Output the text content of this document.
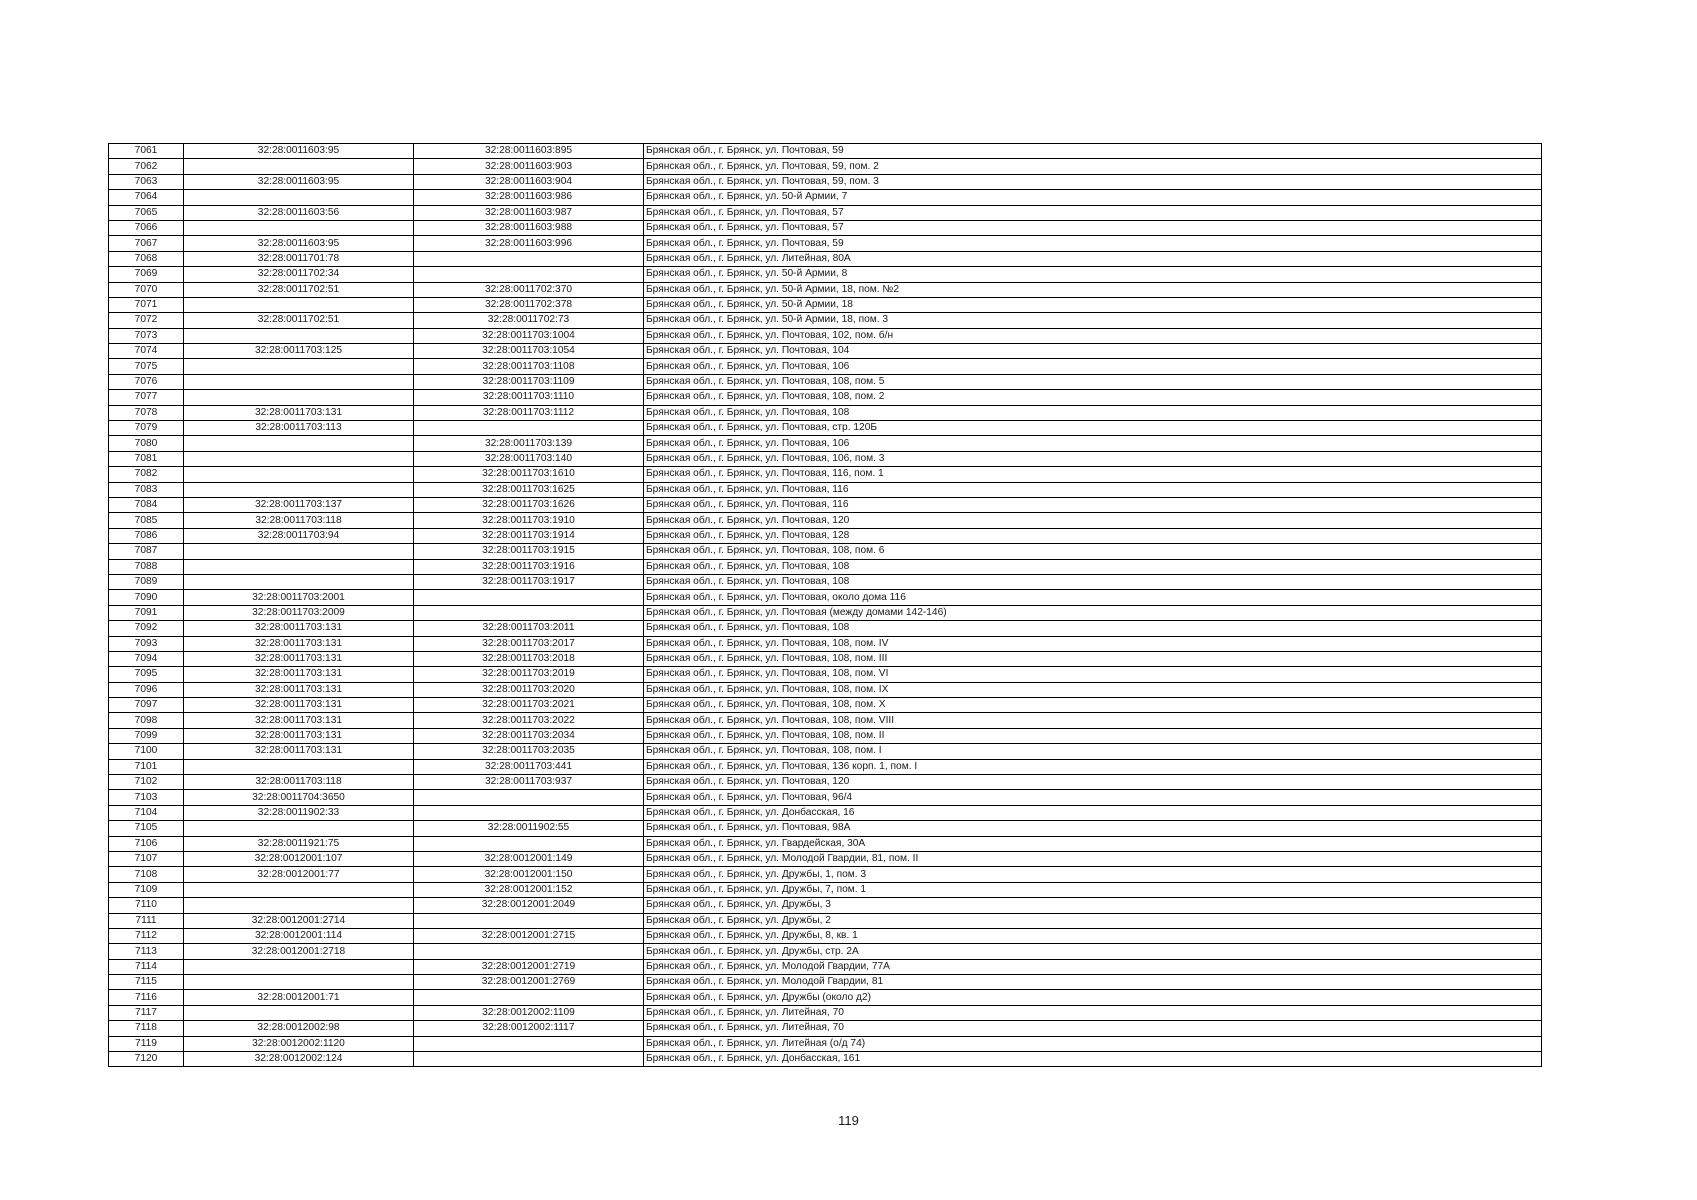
7061	32:28:0011603:95	32:28:0011603:895	Брянская обл., г. Брянск, ул. Почтовая, 59
7062		32:28:0011603:903	Брянская обл., г. Брянск, ул. Почтовая, 59, пом. 2
7063	32:28:0011603:95	32:28:0011603:904	Брянская обл., г. Брянск, ул. Почтовая, 59, пом. 3
7064		32:28:0011603:986	Брянская обл., г. Брянск, ул. 50-й Армии, 7
7065	32:28:0011603:56	32:28:0011603:987	Брянская обл., г. Брянск, ул. Почтовая, 57
7066		32:28:0011603:988	Брянская обл., г. Брянск, ул. Почтовая, 57
7067	32:28:0011603:95	32:28:0011603:996	Брянская обл., г. Брянск, ул. Почтовая, 59
7068	32:28:0011701:78		Брянская обл., г. Брянск, ул. Литейная, 80А
7069	32:28:0011702:34		Брянская обл., г. Брянск, ул. 50-й Армии, 8
7070	32:28:0011702:51	32:28:0011702:370	Брянская обл., г. Брянск, ул. 50-й Армии, 18, пом. №2
7071		32:28:0011702:378	Брянская обл., г. Брянск, ул. 50-й Армии, 18
7072	32:28:0011702:51	32:28:0011702:73	Брянская обл., г. Брянск, ул. 50-й Армии, 18, пом. 3
7073		32:28:0011703:1004	Брянская обл., г. Брянск, ул. Почтовая, 102, пом. б/н
7074	32:28:0011703:125	32:28:0011703:1054	Брянская обл., г. Брянск, ул. Почтовая, 104
7075		32:28:0011703:1108	Брянская обл., г. Брянск, ул. Почтовая, 106
7076		32:28:0011703:1109	Брянская обл., г. Брянск, ул. Почтовая, 108, пом. 5
7077		32:28:0011703:1110	Брянская обл., г. Брянск, ул. Почтовая, 108, пом. 2
7078	32:28:0011703:131	32:28:0011703:1112	Брянская обл., г. Брянск, ул. Почтовая, 108
7079	32:28:0011703:113		Брянская обл., г. Брянск, ул. Почтовая, стр. 120Б
7080		32:28:0011703:139	Брянская обл., г. Брянск, ул. Почтовая, 106
7081		32:28:0011703:140	Брянская обл., г. Брянск, ул. Почтовая, 106, пом. 3
7082		32:28:0011703:1610	Брянская обл., г. Брянск, ул. Почтовая, 116, пом. 1
7083		32:28:0011703:1625	Брянская обл., г. Брянск, ул. Почтовая, 116
7084	32:28:0011703:137	32:28:0011703:1626	Брянская обл., г. Брянск, ул. Почтовая, 116
7085	32:28:0011703:118	32:28:0011703:1910	Брянская обл., г. Брянск, ул. Почтовая, 120
7086	32:28:0011703:94	32:28:0011703:1914	Брянская обл., г. Брянск, ул. Почтовая, 128
7087		32:28:0011703:1915	Брянская обл., г. Брянск, ул. Почтовая, 108, пом. 6
7088		32:28:0011703:1916	Брянская обл., г. Брянск, ул. Почтовая, 108
7089		32:28:0011703:1917	Брянская обл., г. Брянск, ул. Почтовая, 108
7090	32:28:0011703:2001		Брянская обл., г. Брянск, ул. Почтовая, около дома 116
7091	32:28:0011703:2009		Брянская обл., г. Брянск, ул. Почтовая (между домами 142-146)
7092	32:28:0011703:131	32:28:0011703:2011	Брянская обл., г. Брянск, ул. Почтовая, 108
7093	32:28:0011703:131	32:28:0011703:2017	Брянская обл., г. Брянск, ул. Почтовая, 108, пом. IV
7094	32:28:0011703:131	32:28:0011703:2018	Брянская обл., г. Брянск, ул. Почтовая, 108, пом. III
7095	32:28:0011703:131	32:28:0011703:2019	Брянская обл., г. Брянск, ул. Почтовая, 108, пом. VI
7096	32:28:0011703:131	32:28:0011703:2020	Брянская обл., г. Брянск, ул. Почтовая, 108, пом. IX
7097	32:28:0011703:131	32:28:0011703:2021	Брянская обл., г. Брянск, ул. Почтовая, 108, пом. X
7098	32:28:0011703:131	32:28:0011703:2022	Брянская обл., г. Брянск, ул. Почтовая, 108, пом. VIII
7099	32:28:0011703:131	32:28:0011703:2034	Брянская обл., г. Брянск, ул. Почтовая, 108, пом. II
7100	32:28:0011703:131	32:28:0011703:2035	Брянская обл., г. Брянск, ул. Почтовая, 108, пом. I
7101		32:28:0011703:441	Брянская обл., г. Брянск, ул. Почтовая, 136 корп. 1, пом. I
7102	32:28:0011703:118	32:28:0011703:937	Брянская обл., г. Брянск, ул. Почтовая, 120
7103	32:28:0011704:3650		Брянская обл., г. Брянск, ул. Почтовая, 96/4
7104	32:28:0011902:33		Брянская обл., г. Брянск, ул. Донбасская, 16
7105		32:28:0011902:55	Брянская обл., г. Брянск, ул. Почтовая, 98А
7106	32:28:0011921:75		Брянская обл., г. Брянск, ул. Гвардейская, 30А
7107	32:28:0012001:107	32:28:0012001:149	Брянская обл., г. Брянск, ул. Молодой Гвардии, 81, пом. II
7108	32:28:0012001:77	32:28:0012001:150	Брянская обл., г. Брянск, ул. Дружбы, 1, пом. 3
7109		32:28:0012001:152	Брянская обл., г. Брянск, ул. Дружбы, 7, пом. 1
7110		32:28:0012001:2049	Брянская обл., г. Брянск, ул. Дружбы, 3
7111	32:28:0012001:2714		Брянская обл., г. Брянск, ул. Дружбы, 2
7112	32:28:0012001:114	32:28:0012001:2715	Брянская обл., г. Брянск, ул. Дружбы, 8, кв. 1
7113	32:28:0012001:2718		Брянская обл., г. Брянск, ул. Дружбы, стр. 2А
7114		32:28:0012001:2719	Брянская обл., г. Брянск, ул. Молодой Гвардии, 77А
7115		32:28:0012001:2769	Брянская обл., г. Брянск, ул. Молодой Гвардии, 81
7116	32:28:0012001:71		Брянская обл., г. Брянск, ул. Дружбы (около д2)
7117		32:28:0012002:1109	Брянская обл., г. Брянск, ул. Литейная, 70
7118	32:28:0012002:98	32:28:0012002:1117	Брянская обл., г. Брянск, ул. Литейная, 70
7119	32:28:0012002:1120		Брянская обл., г. Брянск, ул. Литейная (о/д 74)
7120	32:28:0012002:124		Брянская обл., г. Брянск, ул. Донбасская, 161
119
